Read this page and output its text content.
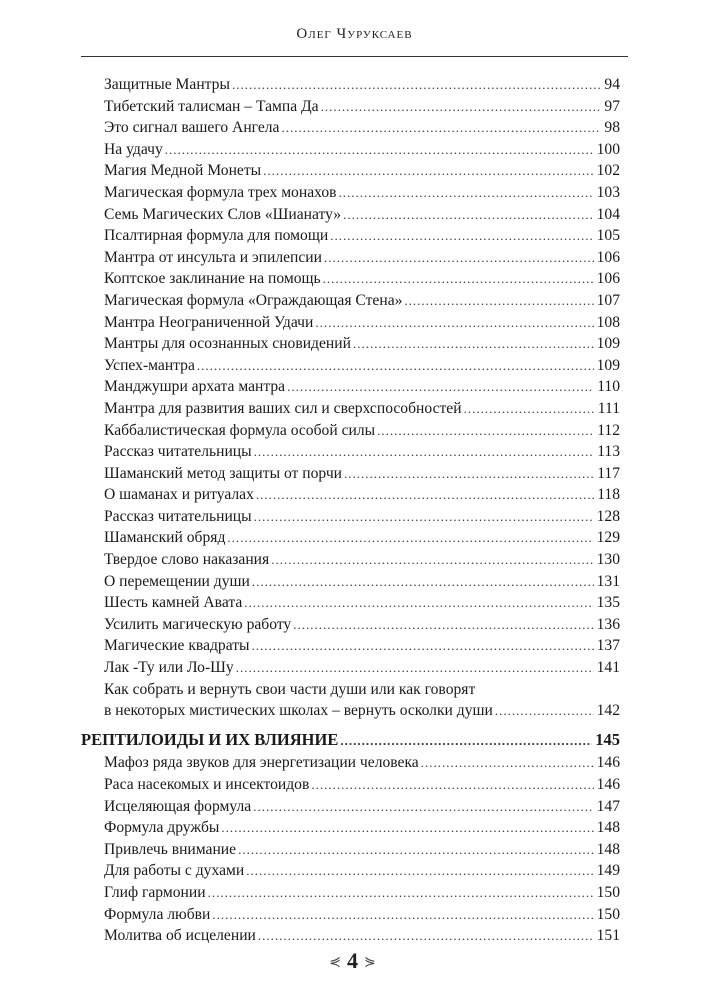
Олег Чуруксаев
Защитные Мантры .....	94
Тибетский талисман – Тампа Да .....	97
Это сигнал вашего Ангела .....	98
На удачу .....	100
Магия Медной Монеты .....	102
Магическая формула трех монахов .....	103
Семь Магических Слов «Шианату» .....	104
Псалтирная формула для помощи .....	105
Мантра от инсульта и эпилепсии .....	106
Коптское заклинание на помощь .....	106
Магическая формула «Ограждающая Стена» .....	107
Мантра Неограниченной Удачи .....	108
Мантры для осознанных сновидений .....	109
Успех-мантра .....	109
Манджушри архата мантра .....	110
Мантра для развития ваших сил и сверхспособностей .....	111
Каббалистическая формула особой силы .....	112
Рассказ читательницы .....	113
Шаманский метод защиты от порчи .....	117
О шаманах и ритуалах .....	118
Рассказ читательницы .....	128
Шаманский обряд .....	129
Твердое слово наказания .....	130
О перемещении души .....	131
Шесть камней Авата .....	135
Усилить магическую работу .....	136
Магические квадраты .....	137
Лак -Ту или Ло-Шу .....	141
Как собрать и вернуть свои части души или как говорят
в некоторых мистических школах – вернуть осколки души .....	142
РЕПТИЛОИДЫ И ИХ ВЛИЯНИЕ .....	145
Мафоз ряда звуков для энергетизации человека .....	146
Раса насекомых и инсектоидов .....	146
Исцеляющая формула .....	147
Формула дружбы .....	148
Привлечь внимание .....	148
Для работы с духами .....	149
Глиф гармонии .....	150
Формула любви .....	150
Молитва об исцелении .....	151
⋞ 4 ⋟
